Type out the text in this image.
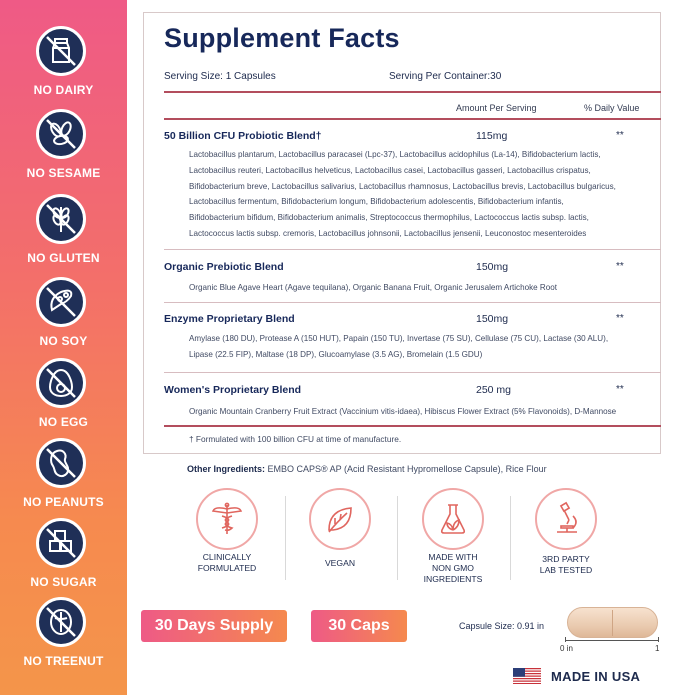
NO DAIRY
NO SESAME
NO GLUTEN
NO SOY
NO EGG
NO PEANUTS
NO SUGAR
NO TREENUT
Supplement Facts
Serving Size: 1 Capsules	Serving Per Container:30
Amount Per Serving	% Daily Value
50 Billion CFU Probiotic Blend†	115mg	**
Lactobacillus plantarum, Lactobacillus paracasei (Lpc-37), Lactobacillus acidophilus (La-14), Bifidobacterium lactis,
Lactobacillus reuteri, Lactobacillus helveticus, Lactobacillus casei, Lactobacillus gasseri, Lactobacillus crispatus,
Bifidobacterium breve, Lactobacillus salivarius, Lactobacillus rhamnosus, Lactobacillus brevis, Lactobacillus bulgaricus,
Lactobacillus fermentum, Bifidobacterium longum, Bifidobacterium adolescentis, Bifidobacterium infantis,
Bifidobacterium bifidum, Bifidobacterium animalis, Streptococcus thermophilus, Lactococcus lactis subsp. lactis,
Lactococcus lactis subsp. cremoris, Lactobacillus johnsonii, Lactobacillus jensenii, Leuconostoc mesenteroides
Organic Prebiotic Blend	150mg	**
Organic Blue Agave Heart (Agave tequilana), Organic Banana Fruit, Organic Jerusalem Artichoke Root
Enzyme Proprietary Blend	150mg	**
Amylase (180 DU), Protease A (150 HUT), Papain (150 TU), Invertase (75 SU), Cellulase (75 CU), Lactase (30 ALU),
Lipase (22.5 FIP), Maltase (18 DP), Glucoamylase (3.5 AG), Bromelain (1.5 GDU)
Women's Proprietary Blend	250 mg	**
Organic Mountain Cranberry Fruit Extract (Vaccinium vitis-idaea), Hibiscus Flower Extract (5% Flavonoids), D-Mannose
† Formulated with 100 billion CFU at time of manufacture.
Other Ingredients: EMBO CAPS® AP (Acid Resistant Hypromellose Capsule), Rice Flour
CLINICALLY
FORMULATED	VEGAN
MADE WITH
NON GMO
INGREDIENTS
3RD PARTY
LAB TESTED
30 Days Supply	30 Caps	Capsule Size: 0.91 in
0 in	1
MADE IN USA
